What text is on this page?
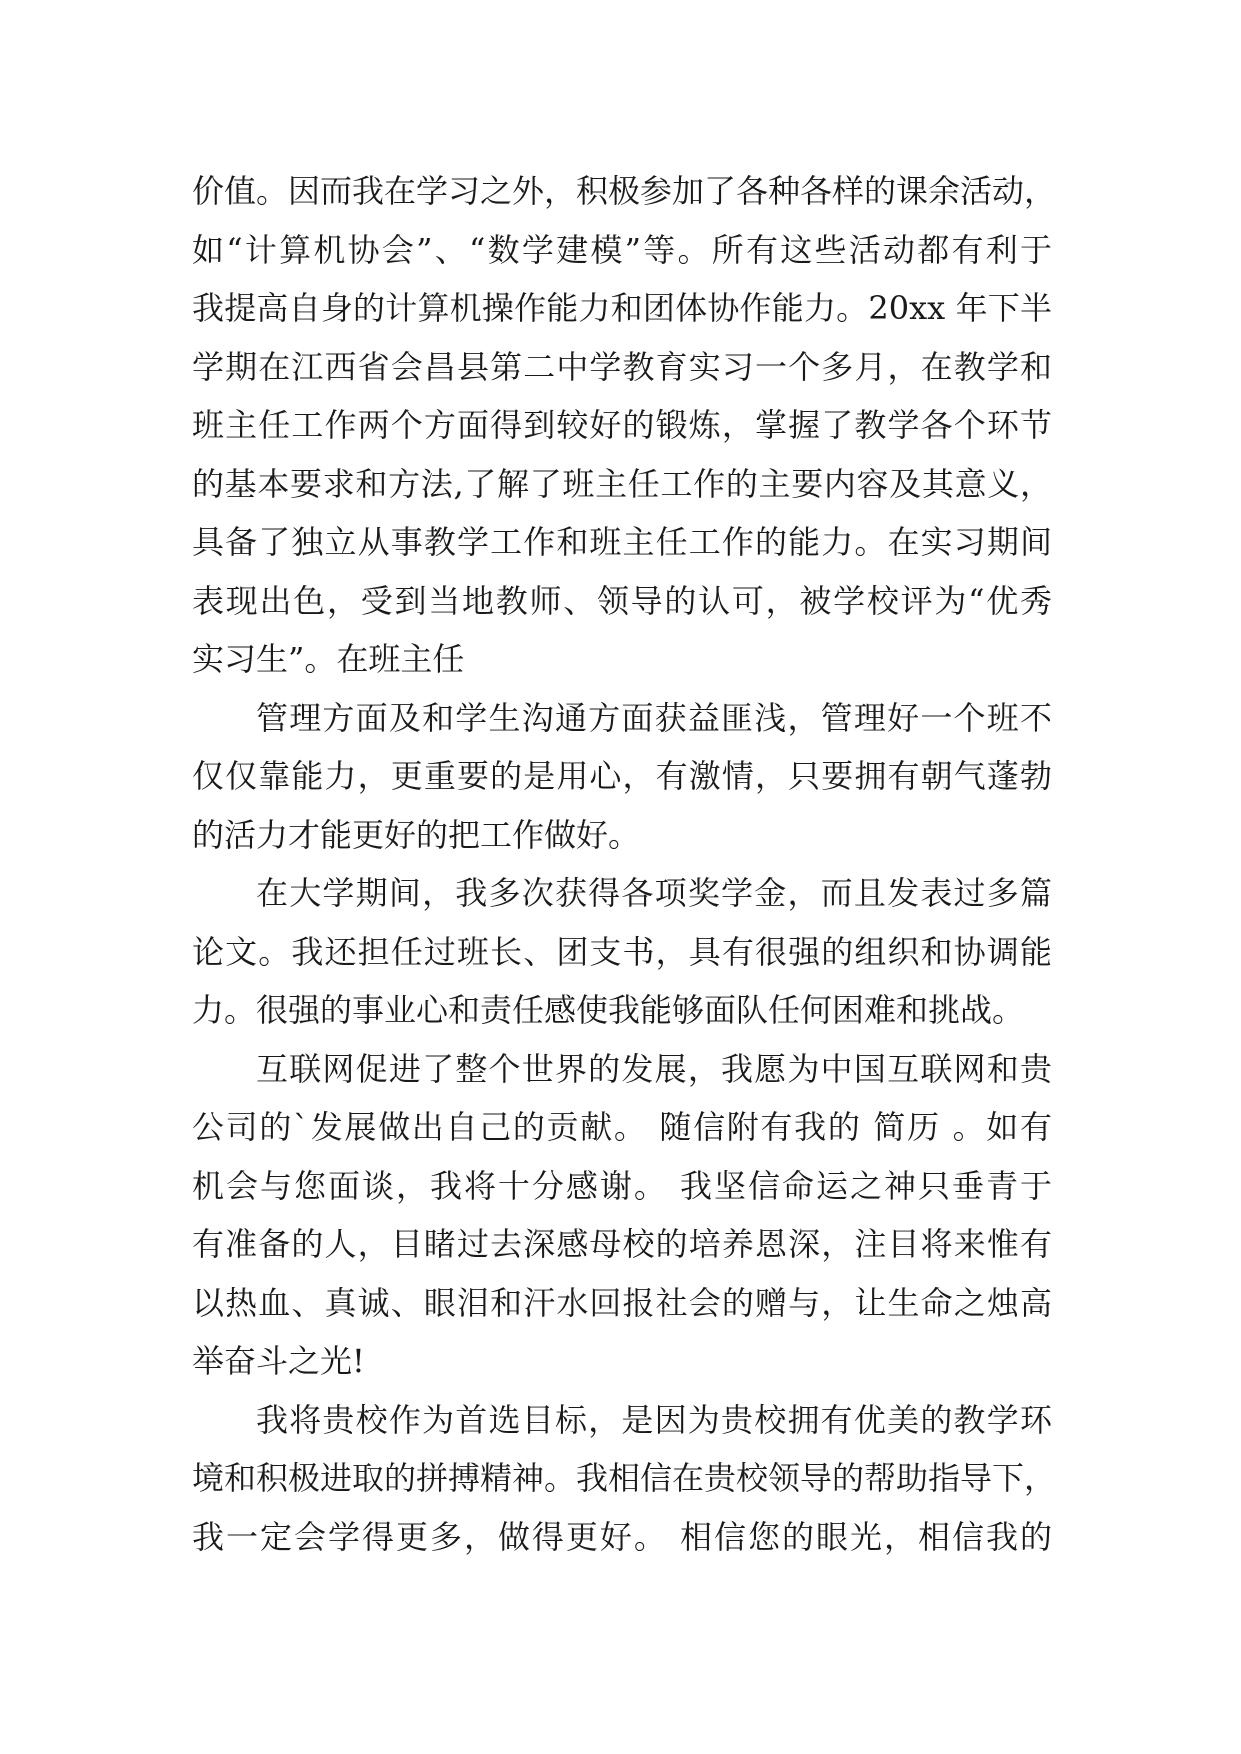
价值。因而我在学习之外，积极参加了各种各样的课余活动，
如“计算机协会”、“数学建模”等。所有这些活动都有利于
我提高自身的计算机操作能力和团体协作能力。20xx 年下半
学期在江西省会昌县第二中学教育实习一个多月，在教学和
班主任工作两个方面得到较好的锻炼，掌握了教学各个环节
的基本要求和方法,了解了班主任工作的主要内容及其意义，
具备了独立从事教学工作和班主任工作的能力。在实习期间
表现出色，受到当地教师、领导的认可，被学校评为“优秀
实习生”。在班主任
管理方面及和学生沟通方面获益匪浅，管理好一个班不
仅仅靠能力，更重要的是用心，有激情，只要拥有朝气蓬勃
的活力才能更好的把工作做好。
在大学期间，我多次获得各项奖学金，而且发表过多篇
论文。我还担任过班长、团支书，具有很强的组织和协调能
力。很强的事业心和责任感使我能够面队任何困难和挑战。
互联网促进了整个世界的发展，我愿为中国互联网和贵
公司的`发展做出自己的贡献。 随信附有我的 简历 。如有
机会与您面谈，我将十分感谢。 我坚信命运之神只垂青于
有准备的人，目睹过去深感母校的培养恩深，注目将来惟有
以热血、真诚、眼泪和汗水回报社会的赠与，让生命之烛高
举奋斗之光!
我将贵校作为首选目标，是因为贵校拥有优美的教学环
境和积极进取的拼搏精神。我相信在贵校领导的帮助指导下，
我一定会学得更多，做得更好。 相信您的眼光，相信我的
